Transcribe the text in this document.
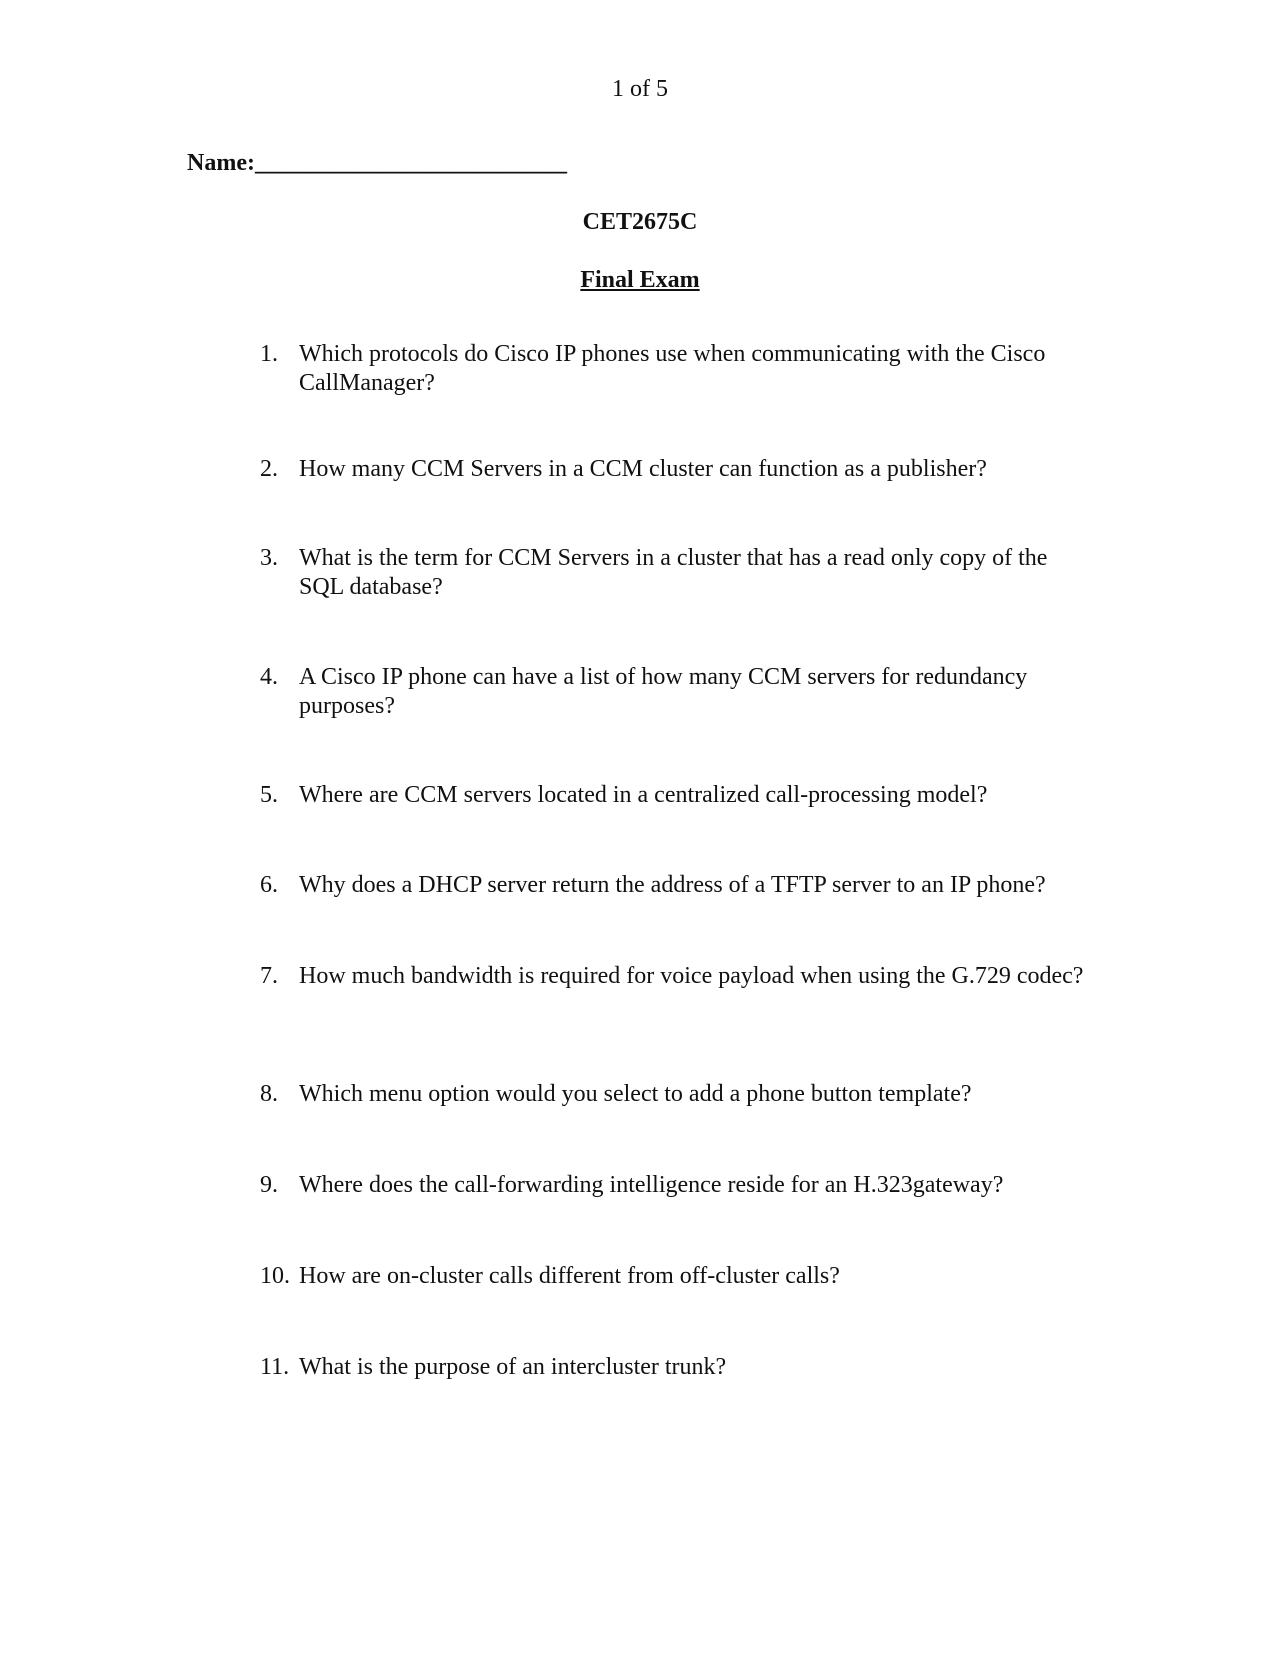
1 of 5
Name:__________________________
CET2675C
Final Exam
1. Which protocols do Cisco IP phones use when communicating with the Cisco CallManager?
2. How many CCM Servers in a CCM cluster can function as a publisher?
3. What is the term for CCM Servers in a cluster that has a read only copy of the SQL database?
4. A Cisco IP phone can have a list of how many CCM servers for redundancy purposes?
5. Where are CCM servers located in a centralized call-processing model?
6. Why does a DHCP server return the address of a TFTP server to an IP phone?
7. How much bandwidth is required for voice payload when using the G.729 codec?
8. Which menu option would you select to add a phone button template?
9. Where does the call-forwarding intelligence reside for an H.323gateway?
10. How are on-cluster calls different from off-cluster calls?
11. What is the purpose of an intercluster trunk?
